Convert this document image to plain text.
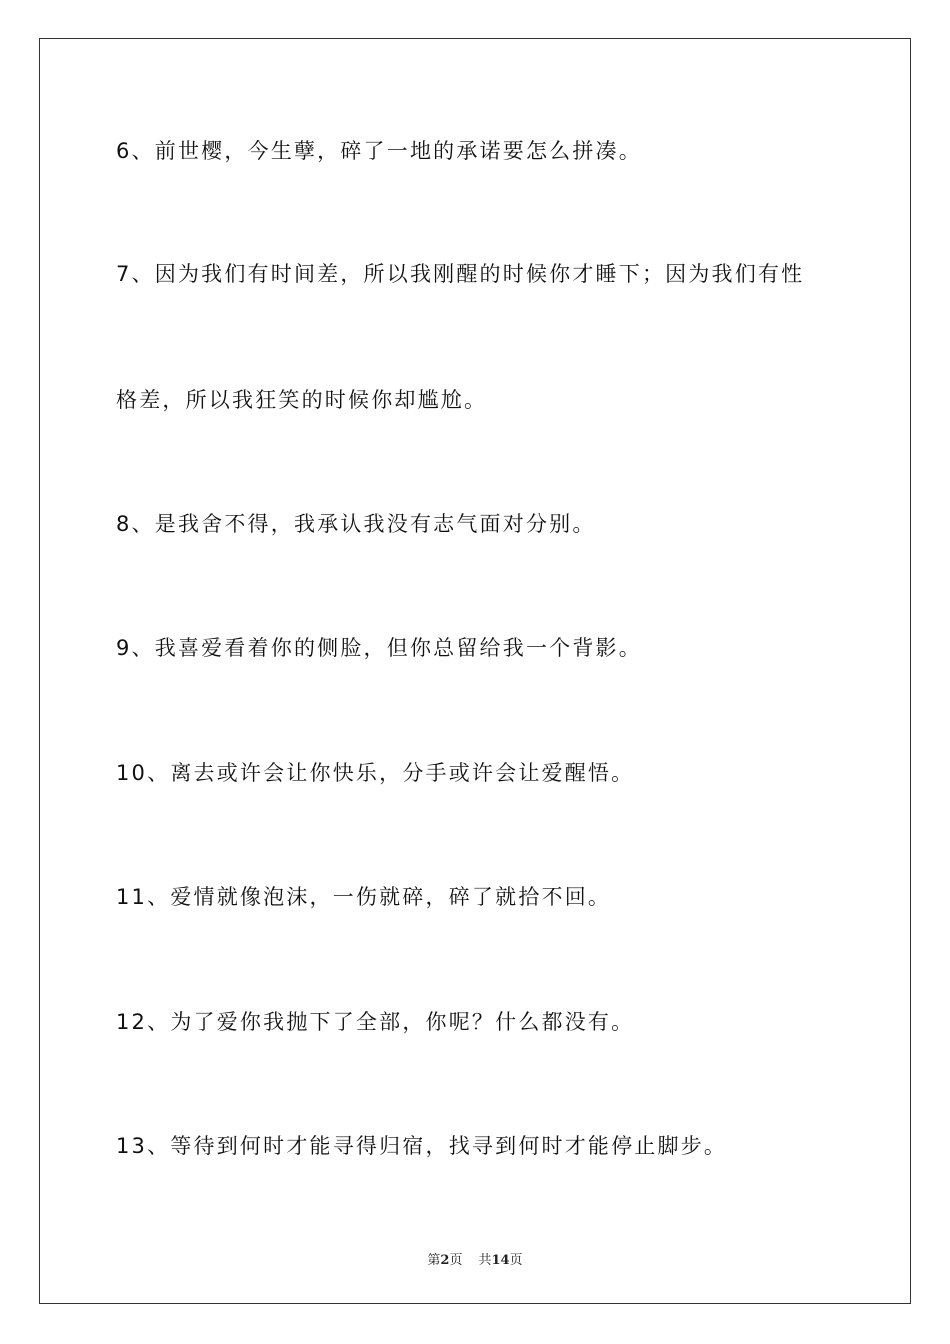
6、前世樱，今生孽，碎了一地的承诺要怎么拼凑。
7、因为我们有时间差，所以我刚醒的时候你才睡下；因为我们有性
格差，所以我狂笑的时候你却尴尬。
8、是我舍不得，我承认我没有志气面对分别。
9、我喜爱看着你的侧脸，但你总留给我一个背影。
10、离去或许会让你快乐，分手或许会让爱醒悟。
11、爱情就像泡沫，一伤就碎，碎了就拾不回。
12、为了爱你我抛下了全部，你呢？什么都没有。
13、等待到何时才能寻得归宿，找寻到何时才能停止脚步。
第2页 共14页
